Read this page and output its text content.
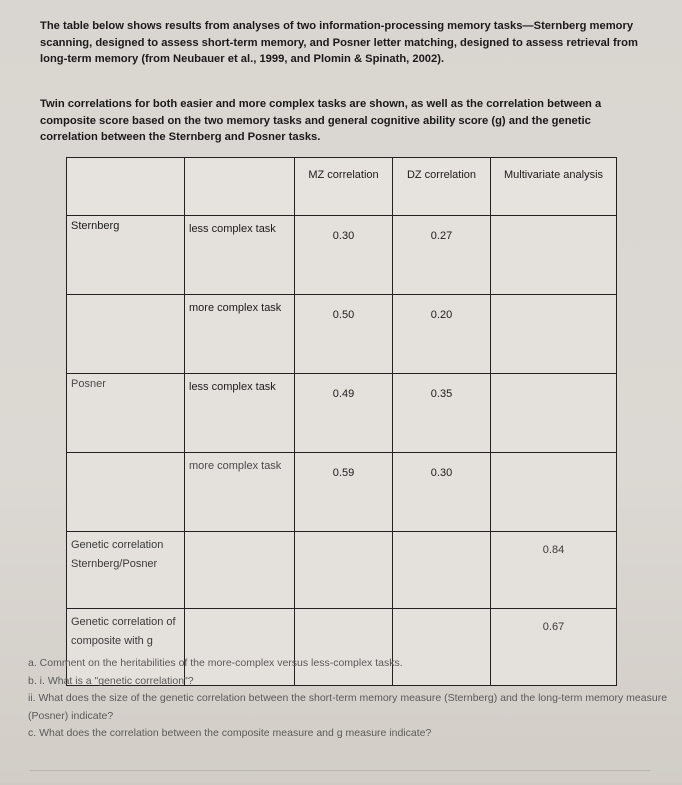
The table below shows results from analyses of two information-processing memory tasks—Sternberg memory scanning, designed to assess short-term memory, and Posner letter matching, designed to assess retrieval from long-term memory (from Neubauer et al., 1999, and Plomin & Spinath, 2002).
Twin correlations for both easier and more complex tasks are shown, as well as the correlation between a composite score based on the two memory tasks and general cognitive ability score (g) and the genetic correlation between the Sternberg and Posner tasks.
		MZ correlation	DZ correlation	Multivariate analysis
Sternberg	less complex task	0.30	0.27	
	more complex task	0.50	0.20	
Posner	less complex task	0.49	0.35	
	more complex task	0.59	0.30	
Genetic correlation Sternberg/Posner				0.84
Genetic correlation of composite with g				0.67
a. Comment on the heritabilities of the more-complex versus less-complex tasks.
b. i. What is a "genetic correlation"?
ii. What does the size of the genetic correlation between the short-term memory measure (Sternberg) and the long-term memory measure (Posner) indicate?
c. What does the correlation between the composite measure and g measure indicate?
